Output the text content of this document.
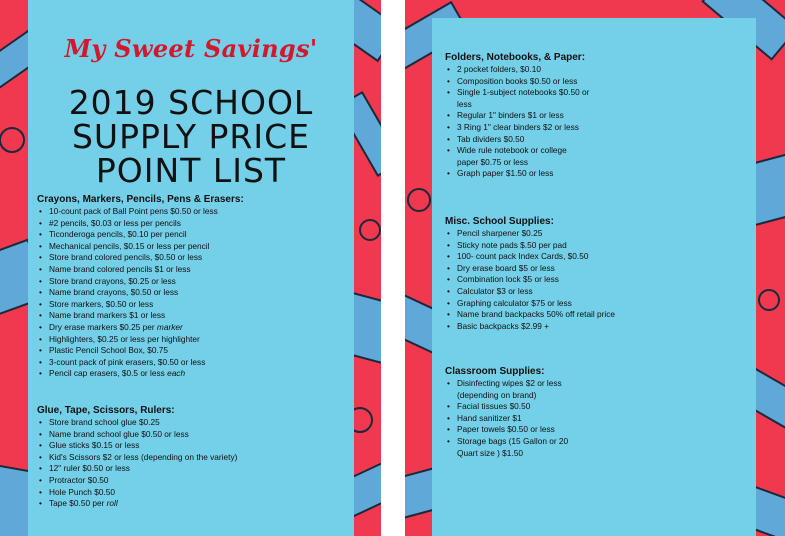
My Sweet Savings'
2019 SCHOOL
SUPPLY PRICE
POINT LIST
Crayons, Markers, Pencils, Pens & Erasers:
• 10-count pack of Ball Point pens $0.50 or less
• #2 pencils, $0.03 or less per pencils
• Ticonderoga pencils, $0.10 per pencil
• Mechanical pencils, $0.15 or less per pencil
• Store brand colored pencils, $0.50 or less
• Name brand colored pencils $1 or less
• Store brand crayons, $0.25 or less
• Name brand crayons, $0.50 or less
• Store markers, $0.50 or less
• Name brand markers $1 or less
• Dry erase markers $0.25 per marker
• Highlighters, $0.25 or less per highlighter
• Plastic Pencil School Box, $0.75
• 3-count pack of pink erasers, $0.50 or less
• Pencil cap erasers, $0.5 or less each
Glue, Tape, Scissors, Rulers:
• Store brand school glue $0.25
• Name brand school glue $0.50 or less
• Glue sticks $0.15 or less
• Kid's Scissors $2 or less (depending on the variety)
• 12" ruler $0.50 or less
• Protractor $0.50
• Hole Punch $0.50
• Tape $0.50 per roll
Folders, Notebooks, & Paper:
• 2 pocket folders, $0.10
• Composition books $0.50 or less
• Single 1-subject notebooks $0.50 or
less
• Regular 1" binders $1 or less
• 3 Ring 1" clear binders $2 or less
• Tab dividers $0.50
• Wide rule notebook or college
paper $0.75 or less
• Graph paper $1.50 or less
Misc. School Supplies:
• Pencil sharpener $0.25
• Sticky note pads $.50 per pad
• 100- count pack Index Cards, $0.50
• Dry erase board $5 or less
• Combination lock $5 or less
• Calculator $3 or less
• Graphing calculator $75 or less
• Name brand backpacks 50% off retail price
• Basic backpacks $2.99 +
Classroom Supplies:
• Disinfecting wipes $2 or less
(depending on brand)
• Facial tissues $0.50
• Hand sanitizer $1
• Paper towels $0.50 or less
• Storage bags (15 Gallon or 20
Quart size ) $1.50
